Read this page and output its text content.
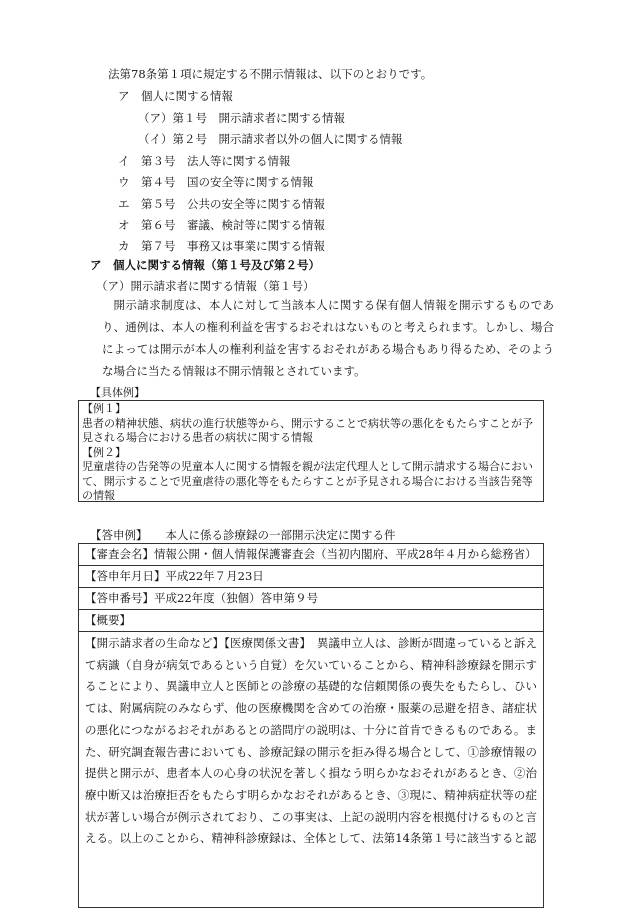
法第78条第１項に規定する不開示情報は、以下のとおりです。
ア　個人に関する情報
（ア）第１号　開示請求者に関する情報
（イ）第２号　開示請求者以外の個人に関する情報
イ　第３号　法人等に関する情報
ウ　第４号　国の安全等に関する情報
エ　第５号　公共の安全等に関する情報
オ　第６号　審議、検討等に関する情報
カ　第７号　事務又は事業に関する情報
ア　個人に関する情報（第１号及び第２号）
（ア）開示請求者に関する情報（第１号）
開示請求制度は、本人に対して当該本人に関する保有個人情報を開示するものであり、通例は、本人の権利利益を害するおそれはないものと考えられます。しかし、場合によっては開示が本人の権利利益を害するおそれがある場合もあり得るため、そのような場合に当たる情報は不開示情報とされています。
【具体例】
【例１】
患者の精神状態、病状の進行状態等から、開示することで病状等の悪化をもたらすことが予見される場合における患者の病状に関する情報
【例２】
児童虐待の告発等の児童本人に関する情報を親が法定代理人として開示請求する場合において、開示することで児童虐待の悪化等をもたらすことが予見される場合における当該告発等の情報
【答申例】 本人に係る診療録の一部開示決定に関する件
【審査会名】情報公開・個人情報保護審査会（当初内閣府、平成28年４月から総務省）
【答申年月日】平成22年７月23日
【答申番号】平成22年度（独個）答申第９号
【概要】
【開示請求者の生命など】【医療関係文書】　異議申立人は、診断が間違っていると訴えて病識（自身が病気であるという自覚）を欠いていることから、精神科診療録を開示することにより、異議申立人と医師との診療の基礎的な信頼関係の喪失をもたらし、ひいては、附属病院のみならず、他の医療機関を含めての治療・服薬の忌避を招き、諸症状の悪化につながるおそれがあるとの諮問庁の説明は、十分に首肯できるものである。また、研究調査報告書においても、診療記録の開示を拒み得る場合として、①診療情報の提供と開示が、患者本人の心身の状況を著しく損なう明らかなおそれがあるとき、②治療中断又は治療拒否をもたらす明らかなおそれがあるとき、③現に、精神病症状等の症状が著しい場合が例示されており、この事実は、上記の説明内容を根拠付けるものと言える。以上のことから、精神科診療録は、全体として、法第14条第１号に該当すると認
